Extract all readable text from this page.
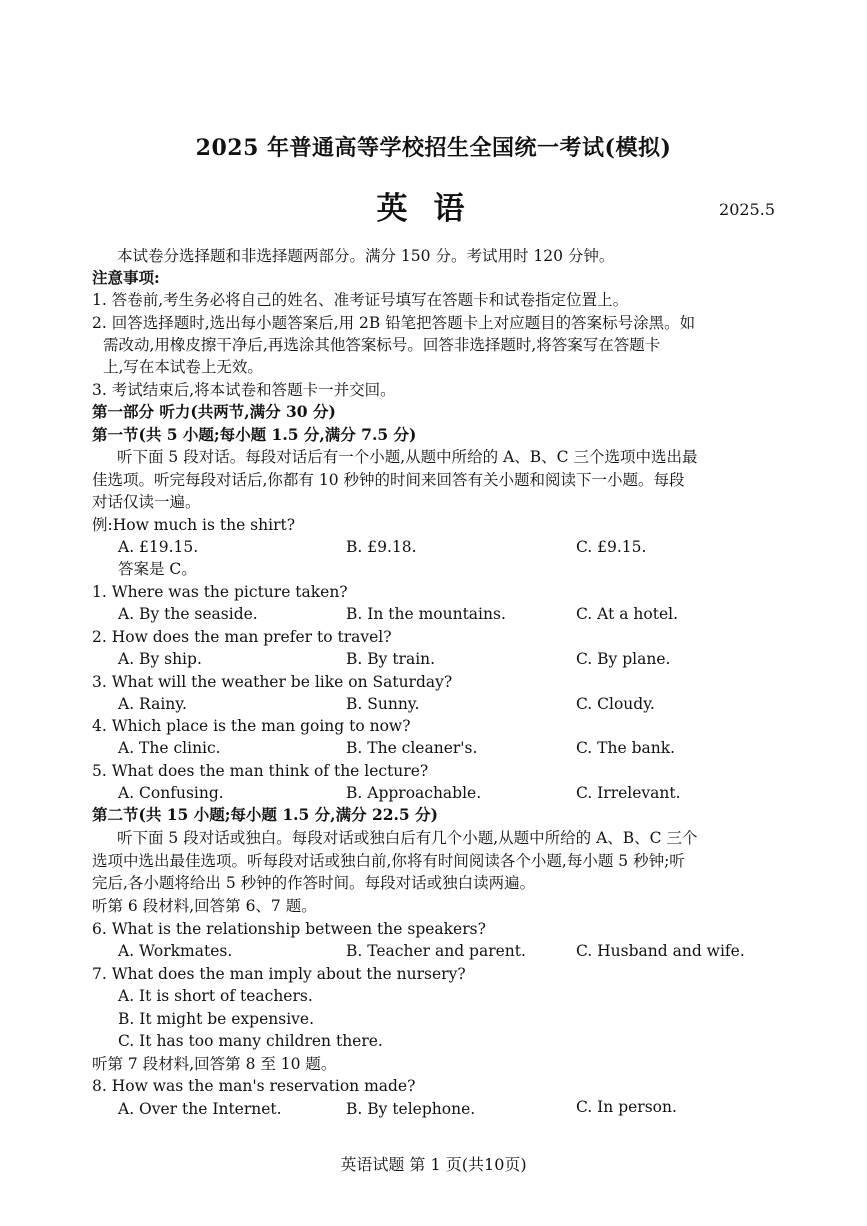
2025 年普通高等学校招生全国统一考试(模拟)
英语	2025.5
本试卷分选择题和非选择题两部分。满分 150 分。考试用时 120 分钟。
注意事项:
1. 答卷前,考生务必将自己的姓名、准考证号填写在答题卡和试卷指定位置上。
2. 回答选择题时,选出每小题答案后,用 2B 铅笔把答题卡上对应题目的答案标号涂黑。如
需改动,用橡皮擦干净后,再选涂其他答案标号。回答非选择题时,将答案写在答题卡
上,写在本试卷上无效。
3. 考试结束后,将本试卷和答题卡一并交回。
第一部分 听力(共两节,满分 30 分)
第一节(共 5 小题;每小题 1.5 分,满分 7.5 分)
听下面 5 段对话。每段对话后有一个小题,从题中所给的 A、B、C 三个选项中选出最
佳选项。听完每段对话后,你都有 10 秒钟的时间来回答有关小题和阅读下一小题。每段
对话仅读一遍。
例:How much is the shirt?
A. £19.15.	B. £9.18.	C. £9.15.
答案是 C。
1. Where was the picture taken?
A. By the seaside.	B. In the mountains.	C. At a hotel.
2. How does the man prefer to travel?
A. By ship.	B. By train.	C. By plane.
3. What will the weather be like on Saturday?
A. Rainy.	B. Sunny.	C. Cloudy.
4. Which place is the man going to now?
A. The clinic.	B. The cleaner's.	C. The bank.
5. What does the man think of the lecture?
A. Confusing.	B. Approachable.	C. Irrelevant.
第二节(共 15 小题;每小题 1.5 分,满分 22.5 分)
听下面 5 段对话或独白。每段对话或独白后有几个小题,从题中所给的 A、B、C 三个
选项中选出最佳选项。听每段对话或独白前,你将有时间阅读各个小题,每小题 5 秒钟;听
完后,各小题将给出 5 秒钟的作答时间。每段对话或独白读两遍。
听第 6 段材料,回答第 6、7 题。
6. What is the relationship between the speakers?
A. Workmates.	B. Teacher and parent.	C. Husband and wife.
7. What does the man imply about the nursery?
A. It is short of teachers.
B. It might be expensive.
C. It has too many children there.
听第 7 段材料,回答第 8 至 10 题。
8. How was the man's reservation made?
A. Over the Internet.	B. By telephone.	C. In person.
英语试题 第 1 页(共10页)
